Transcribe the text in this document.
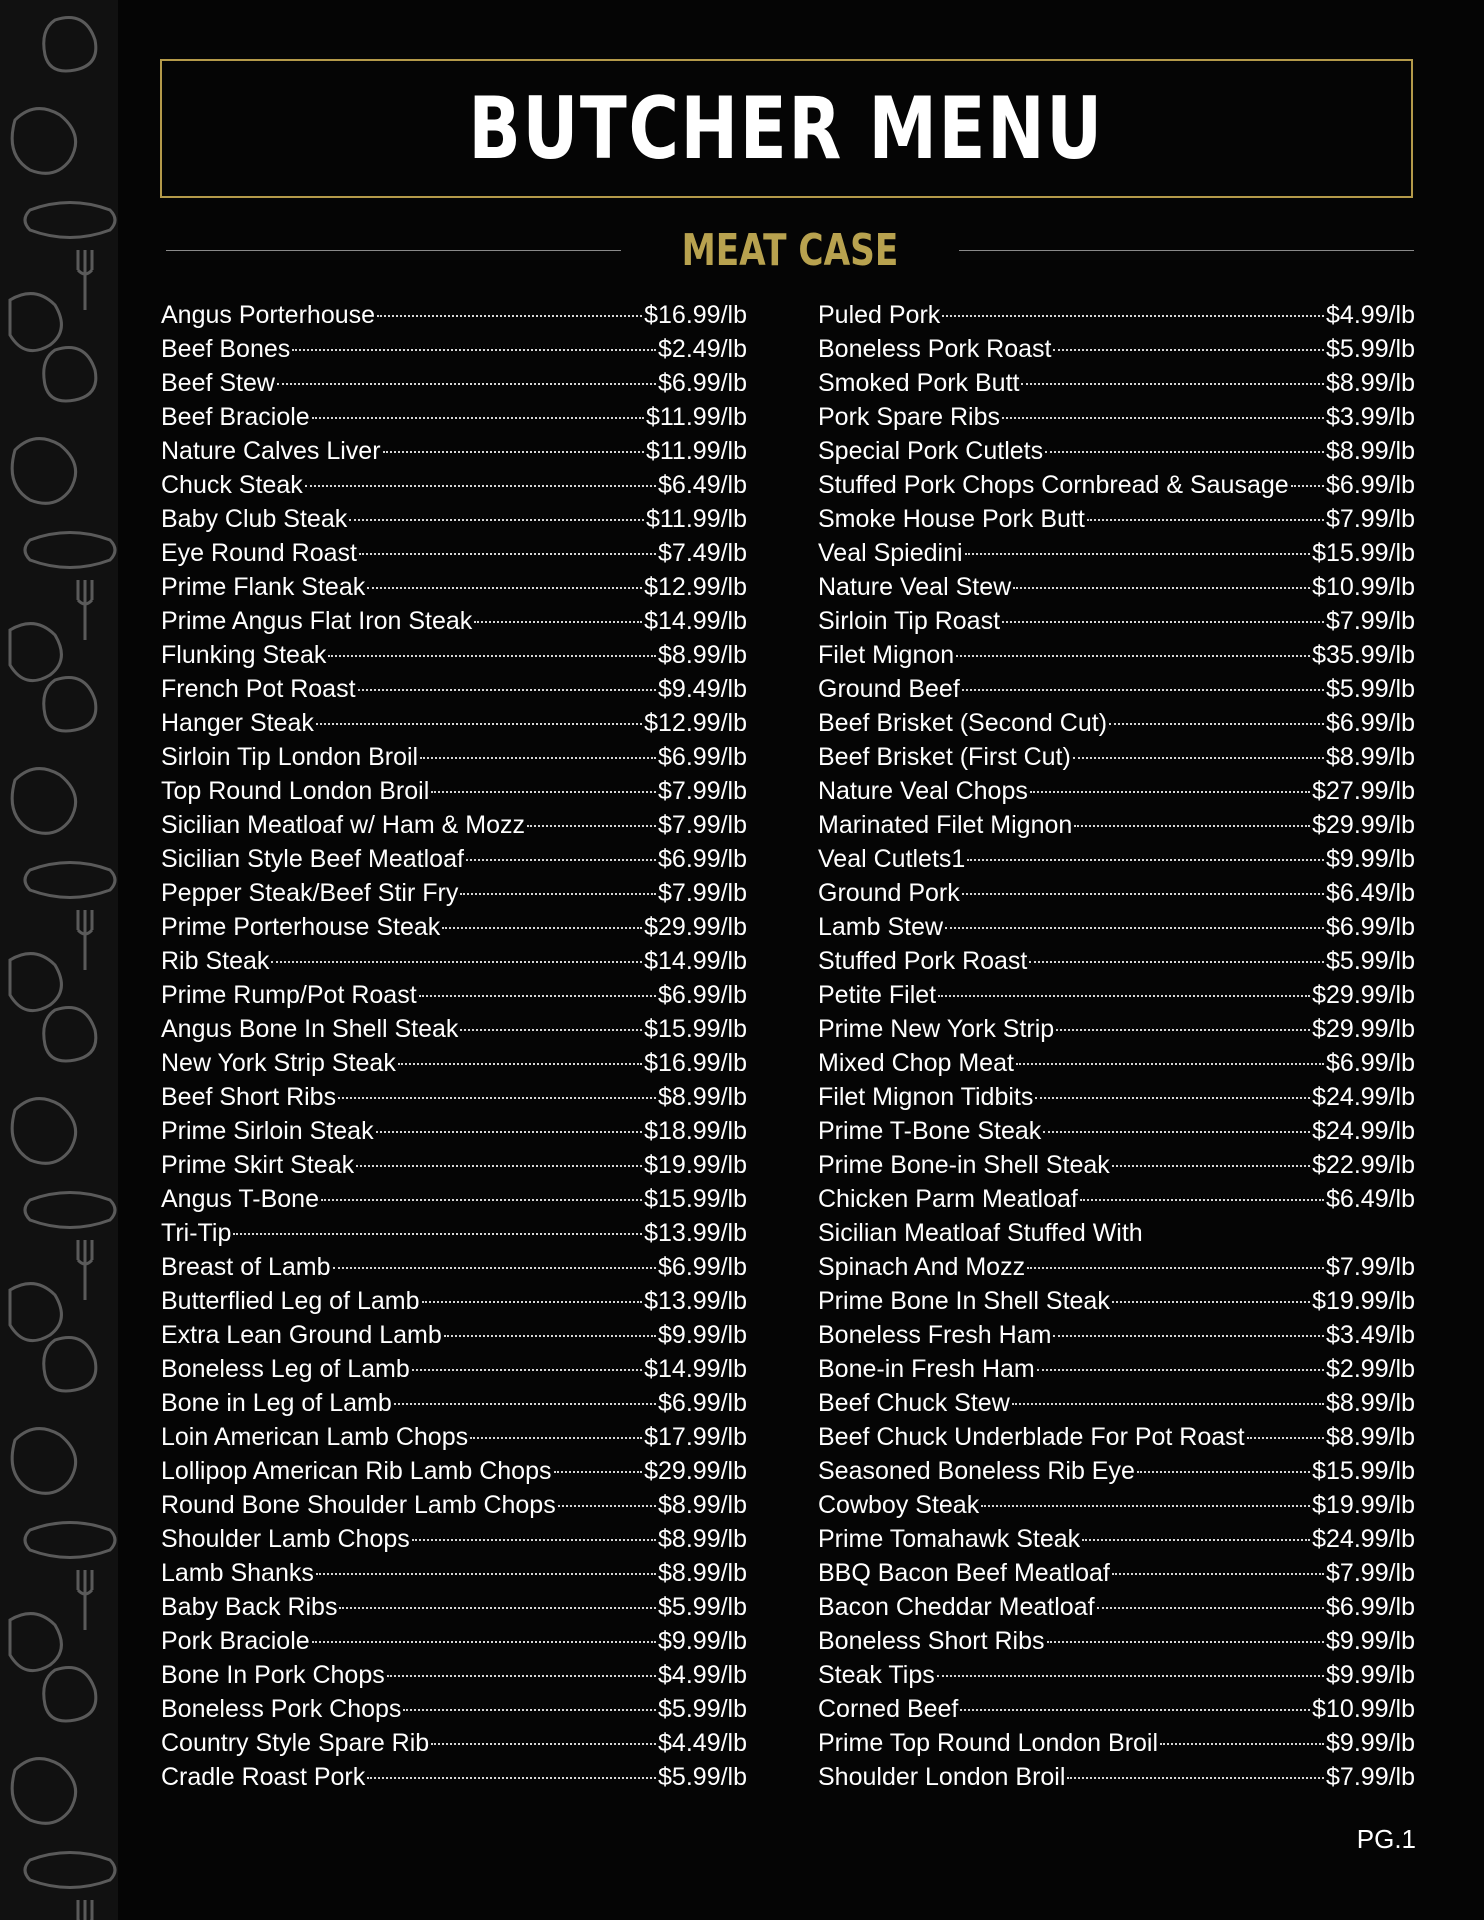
BUTCHER MENU
MEAT CASE
Angus Porterhouse	$16.99/lb
Beef Bones	$2.49/lb
Beef Stew	$6.99/lb
Beef Braciole	$11.99/lb
Nature Calves Liver	$11.99/lb
Chuck Steak	$6.49/lb
Baby Club Steak	$11.99/lb
Eye Round Roast	$7.49/lb
Prime Flank Steak	$12.99/lb
Prime Angus Flat Iron Steak	$14.99/lb
Flunking Steak	$8.99/lb
French Pot Roast	$9.49/lb
Hanger Steak	$12.99/lb
Sirloin Tip London Broil	$6.99/lb
Top Round London Broil	$7.99/lb
Sicilian Meatloaf w/ Ham & Mozz	$7.99/lb
Sicilian Style Beef Meatloaf	$6.99/lb
Pepper Steak/Beef Stir Fry	$7.99/lb
Prime Porterhouse Steak	$29.99/lb
Rib Steak	$14.99/lb
Prime Rump/Pot Roast	$6.99/lb
Angus Bone In Shell Steak	$15.99/lb
New York Strip Steak	$16.99/lb
Beef Short Ribs	$8.99/lb
Prime Sirloin Steak	$18.99/lb
Prime Skirt Steak	$19.99/lb
Angus T-Bone	$15.99/lb
Tri-Tip	$13.99/lb
Breast of Lamb	$6.99/lb
Butterflied Leg of Lamb	$13.99/lb
Extra Lean Ground Lamb	$9.99/lb
Boneless Leg of Lamb	$14.99/lb
Bone in Leg of Lamb	$6.99/lb
Loin American Lamb Chops	$17.99/lb
Lollipop American Rib Lamb Chops	$29.99/lb
Round Bone Shoulder Lamb Chops	$8.99/lb
Shoulder Lamb Chops	$8.99/lb
Lamb Shanks	$8.99/lb
Baby Back Ribs	$5.99/lb
Pork Braciole	$9.99/lb
Bone In Pork Chops	$4.99/lb
Boneless Pork Chops	$5.99/lb
Country Style Spare Rib	$4.49/lb
Cradle Roast Pork	$5.99/lb
Puled Pork	$4.99/lb
Boneless Pork Roast	$5.99/lb
Smoked Pork Butt	$8.99/lb
Pork Spare Ribs	$3.99/lb
Special Pork Cutlets	$8.99/lb
Stuffed Pork Chops Cornbread & Sausage $6.99/lb
Smoke House Pork Butt	$7.99/lb
Veal Spiedini	$15.99/lb
Nature Veal Stew	$10.99/lb
Sirloin Tip Roast	$7.99/lb
Filet Mignon	$35.99/lb
Ground Beef	$5.99/lb
Beef Brisket (Second Cut)	$6.99/lb
Beef Brisket (First Cut)	$8.99/lb
Nature Veal Chops	$27.99/lb
Marinated Filet Mignon	$29.99/lb
Veal Cutlets1	$9.99/lb
Ground Pork	$6.49/lb
Lamb Stew	$6.99/lb
Stuffed Pork Roast	$5.99/lb
Petite Filet	$29.99/lb
Prime New York Strip	$29.99/lb
Mixed Chop Meat	$6.99/lb
Filet Mignon Tidbits	$24.99/lb
Prime T-Bone Steak	$24.99/lb
Prime Bone-in Shell Steak	$22.99/lb
Chicken Parm Meatloaf	$6.49/lb
Sicilian Meatloaf Stuffed With
Spinach And Mozz	$7.99/lb
Prime Bone In Shell Steak	$19.99/lb
Boneless Fresh Ham	$3.49/lb
Bone-in Fresh Ham	$2.99/lb
Beef Chuck Stew	$8.99/lb
Beef Chuck Underblade For Pot Roast	$8.99/lb
Seasoned Boneless Rib Eye	$15.99/lb
Cowboy Steak	$19.99/lb
Prime Tomahawk Steak	$24.99/lb
BBQ Bacon Beef Meatloaf	$7.99/lb
Bacon Cheddar Meatloaf	$6.99/lb
Boneless Short Ribs	$9.99/lb
Steak Tips	$9.99/lb
Corned Beef	$10.99/lb
Prime Top Round London Broil	$9.99/lb
Shoulder London Broil	$7.99/lb
PG.1
